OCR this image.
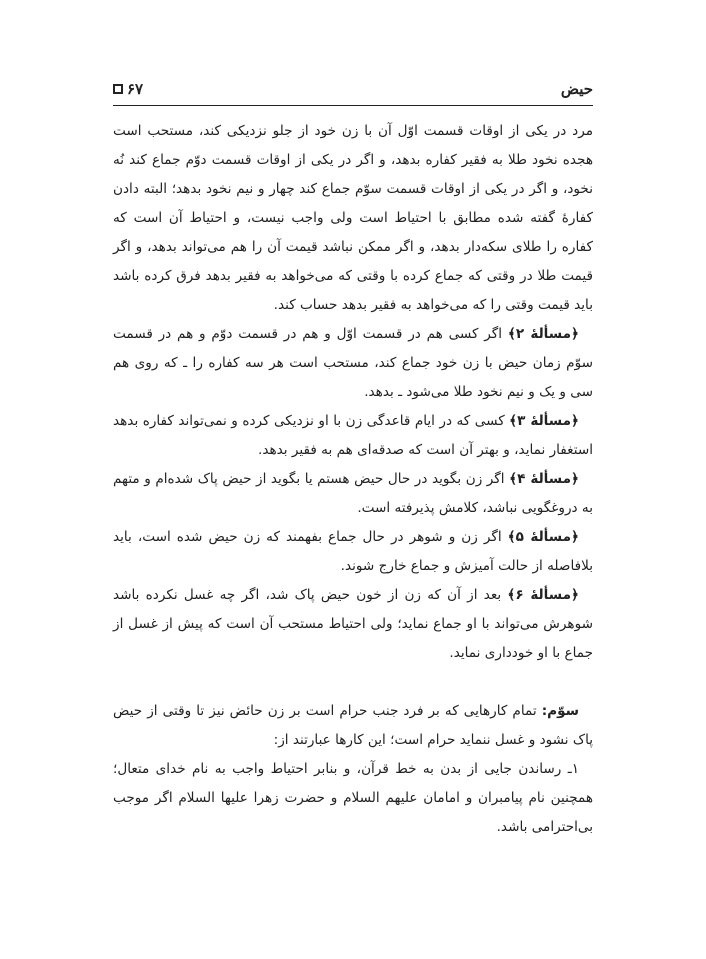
حیض
۶۷

مرد در یکی از اوقات قسمت اوّل آن با زن خود از جلو نزدیکی کند، مستحب است هجده نخود طلا به فقیر کفاره بدهد، و اگر در یکی از اوقات قسمت دوّم جماع کند نُه نخود، و اگر در یکی از اوقات قسمت سوّم جماع کند چهار و نیم نخود بدهد؛ البته دادن کفارهٔ گفته شده مطابق با احتیاط است ولی واجب نیست، و احتیاط آن است که کفاره را طلای سکه‌دار بدهد، و اگر ممکن نباشد قیمت آن را هم می‌تواند بدهد، و اگر قیمت طلا در وقتی که جماع کرده با وقتی که می‌خواهد به فقیر بدهد فرق کرده باشد باید قیمت وقتی را که می‌خواهد به فقیر بدهد حساب کند.

﴿مسألهٔ ۲﴾ اگر کسی هم در قسمت اوّل و هم در قسمت دوّم و هم در قسمت سوّم زمان حیض با زن خود جماع کند، مستحب است هر سه کفاره را ـ که روی هم سی و یک و نیم نخود طلا می‌شود ـ بدهد.

﴿مسألهٔ ۳﴾ کسی که در ایام قاعدگی زن با او نزدیکی کرده و نمی‌تواند کفاره بدهد استغفار نماید، و بهتر آن است که صدقه‌ای هم به فقیر بدهد.

﴿مسألهٔ ۴﴾ اگر زن بگوید در حال حیض هستم یا بگوید از حیض پاک شده‌ام و متهم به دروغگویی نباشد، کلامش پذیرفته است.

﴿مسألهٔ ۵﴾ اگر زن و شوهر در حال جماع بفهمند که زن حیض شده است، باید بلافاصله از حالت آمیزش و جماع خارج شوند.

﴿مسألهٔ ۶﴾ بعد از آن که زن از خون حیض پاک شد، اگر چه غسل نکرده باشد شوهرش می‌تواند با او جماع نماید؛ ولی احتیاط مستحب آن است که پیش از غسل از جماع با او خودداری نماید.

سوّم: تمام کارهایی که بر فرد جنب حرام است بر زن حائض نیز تا وقتی از حیض پاک نشود و غسل ننماید حرام است؛ این کارها عبارتند از:

۱ـ رساندن جایی از بدن به خط قرآن، و بنابر احتیاط واجب به نام خدای متعال؛ همچنین نام پیامبران و امامان علیهم السلام و حضرت زهرا علیها السلام اگر موجب بی‌احترامی باشد.
